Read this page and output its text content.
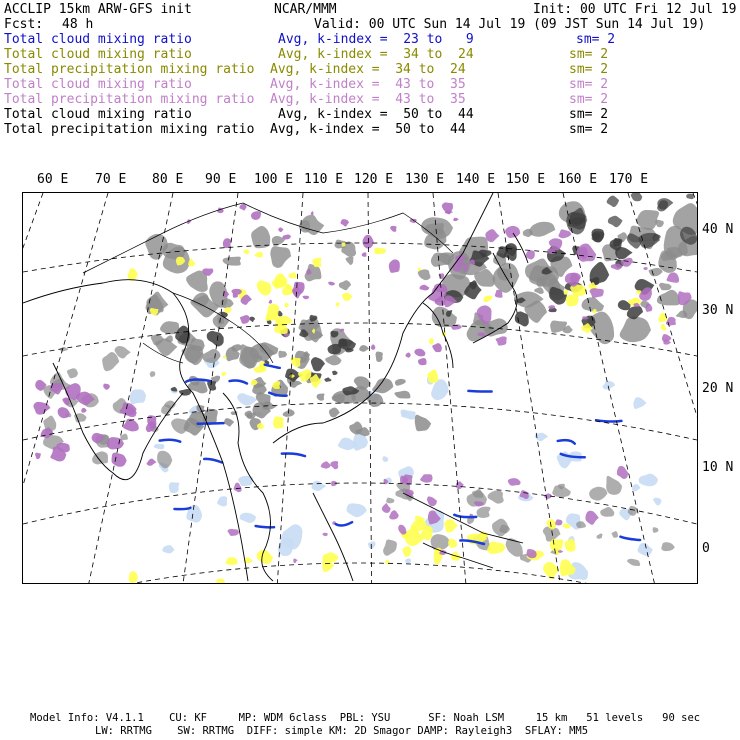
ACCLIP 15km ARW-GFS init	NCAR/MMM	Init: 00 UTC Fri 12 Jul 19
Fcst: 48 h	Valid: 00 UTC Sun 14 Jul 19 (09 JST Sun 14 Jul 19)
Total cloud mixing ratio	Avg, k-index =  23 to   9	sm= 2
Total cloud mixing ratio	Avg, k-index =  34 to  24	sm= 2
Total precipitation mixing ratio Avg, k-index =  34 to  24	sm= 2
Total cloud mixing ratio	Avg, k-index =  43 to  35	sm= 2
Total precipitation mixing ratio Avg, k-index =  43 to  35	sm= 2
Total cloud mixing ratio	Avg, k-index =  50 to  44	sm= 2
Total precipitation mixing ratio Avg, k-index =  50 to  44	sm= 2
60 E 70 E 80 E 90 E 100 E 110 E 120 E 130 E 140 E 150 E 160 E 170 E
40 N
30 N
20 N
10 N
0
Model Info: V4.1.1    CU: KF     MP: WDM 6class  PBL: YSU      SF: Noah LSM     15 km   51 levels   90 sec
LW: RRTMG    SW: RRTMG  DIFF: simple KM: 2D Smagor DAMP: Rayleigh3  SFLAY: MM5
